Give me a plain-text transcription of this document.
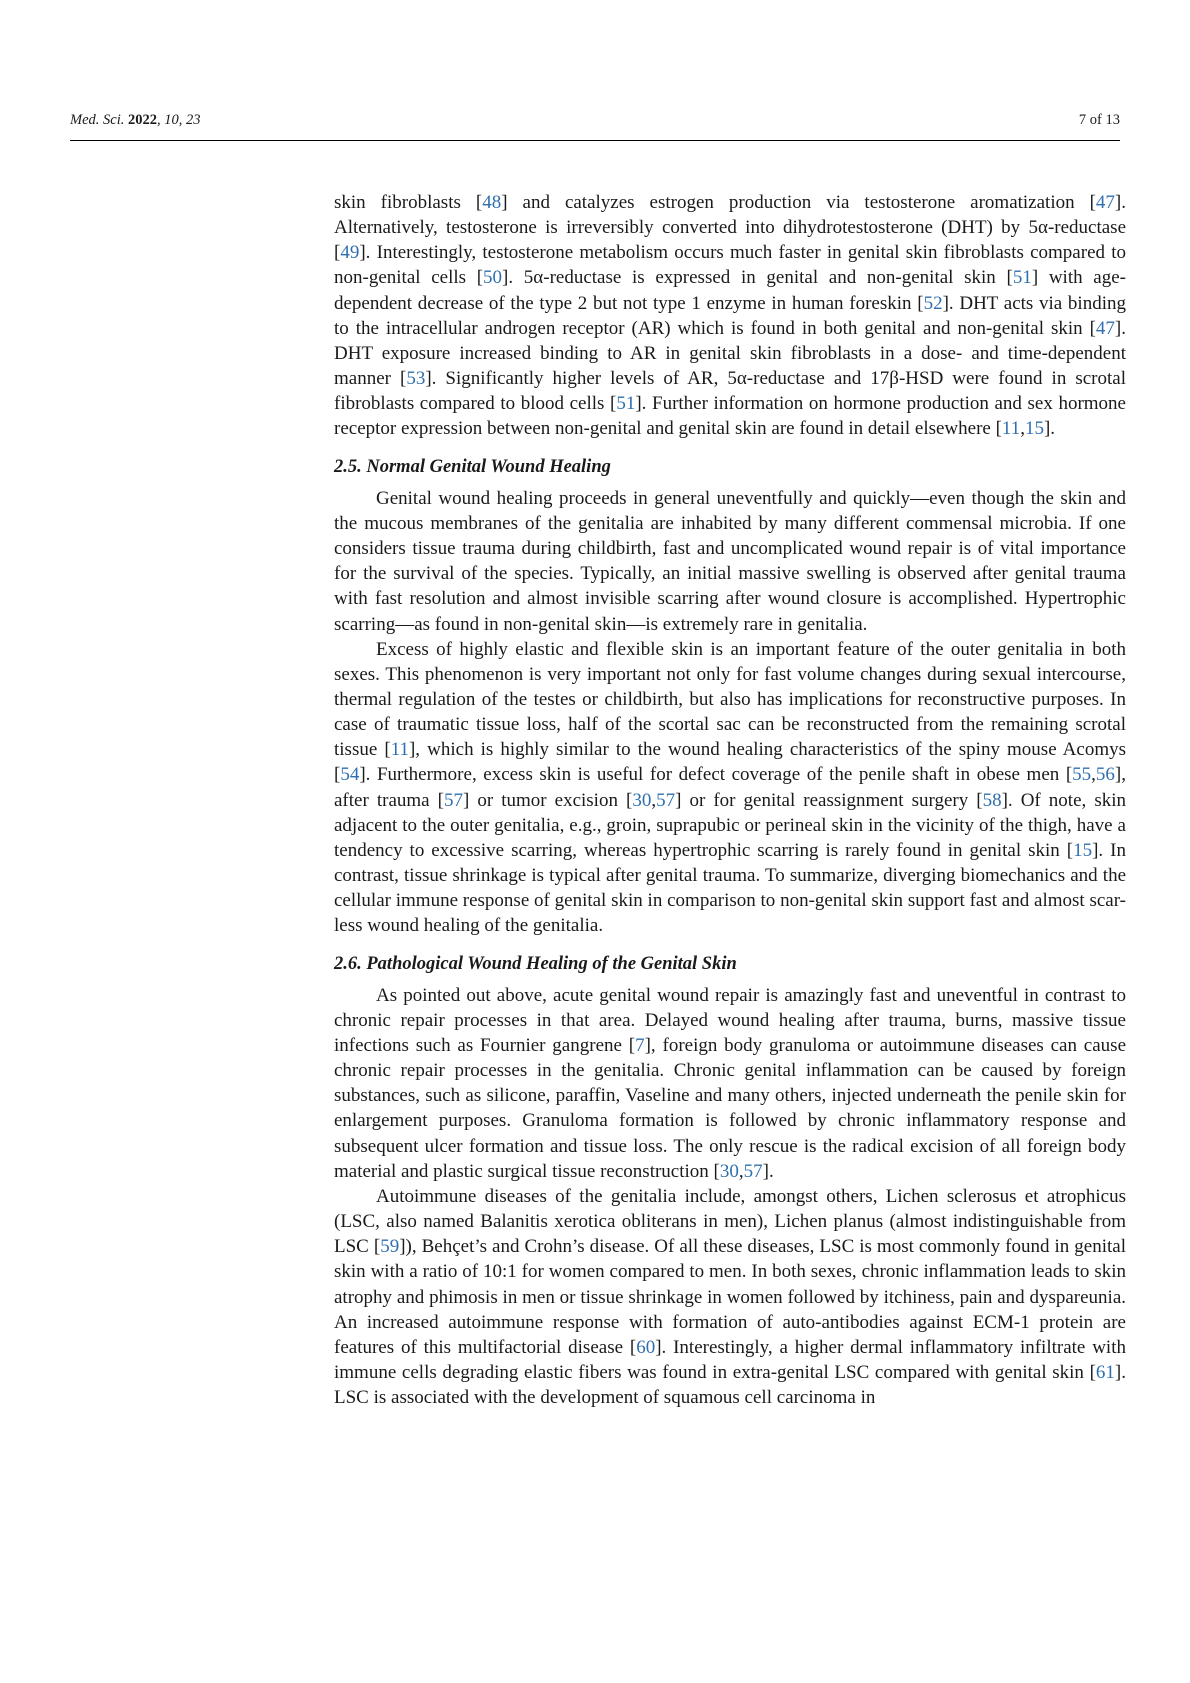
Med. Sci. 2022, 10, 23	7 of 13

skin fibroblasts [48] and catalyzes estrogen production via testosterone aromatization [47]. Alternatively, testosterone is irreversibly converted into dihydrotestosterone (DHT) by 5α-reductase [49]. Interestingly, testosterone metabolism occurs much faster in genital skin fibroblasts compared to non-genital cells [50]. 5α-reductase is expressed in genital and non-genital skin [51] with age-dependent decrease of the type 2 but not type 1 enzyme in human foreskin [52]. DHT acts via binding to the intracellular androgen receptor (AR) which is found in both genital and non-genital skin [47]. DHT exposure increased binding to AR in genital skin fibroblasts in a dose- and time-dependent manner [53]. Significantly higher levels of AR, 5α-reductase and 17β-HSD were found in scrotal fibroblasts compared to blood cells [51]. Further information on hormone production and sex hormone receptor expression between non-genital and genital skin are found in detail elsewhere [11,15].

2.5. Normal Genital Wound Healing

Genital wound healing proceeds in general uneventfully and quickly—even though the skin and the mucous membranes of the genitalia are inhabited by many different commensal microbia. If one considers tissue trauma during childbirth, fast and uncomplicated wound repair is of vital importance for the survival of the species. Typically, an initial massive swelling is observed after genital trauma with fast resolution and almost invisible scarring after wound closure is accomplished. Hypertrophic scarring—as found in non-genital skin—is extremely rare in genitalia.

Excess of highly elastic and flexible skin is an important feature of the outer genitalia in both sexes. This phenomenon is very important not only for fast volume changes during sexual intercourse, thermal regulation of the testes or childbirth, but also has implications for reconstructive purposes. In case of traumatic tissue loss, half of the scortal sac can be reconstructed from the remaining scrotal tissue [11], which is highly similar to the wound healing characteristics of the spiny mouse Acomys [54]. Furthermore, excess skin is useful for defect coverage of the penile shaft in obese men [55,56], after trauma [57] or tumor excision [30,57] or for genital reassignment surgery [58]. Of note, skin adjacent to the outer genitalia, e.g., groin, suprapubic or perineal skin in the vicinity of the thigh, have a tendency to excessive scarring, whereas hypertrophic scarring is rarely found in genital skin [15]. In contrast, tissue shrinkage is typical after genital trauma. To summarize, diverging biomechanics and the cellular immune response of genital skin in comparison to non-genital skin support fast and almost scar-less wound healing of the genitalia.

2.6. Pathological Wound Healing of the Genital Skin

As pointed out above, acute genital wound repair is amazingly fast and uneventful in contrast to chronic repair processes in that area. Delayed wound healing after trauma, burns, massive tissue infections such as Fournier gangrene [7], foreign body granuloma or autoimmune diseases can cause chronic repair processes in the genitalia. Chronic genital inflammation can be caused by foreign substances, such as silicone, paraffin, Vaseline and many others, injected underneath the penile skin for enlargement purposes. Granuloma formation is followed by chronic inflammatory response and subsequent ulcer formation and tissue loss. The only rescue is the radical excision of all foreign body material and plastic surgical tissue reconstruction [30,57].

Autoimmune diseases of the genitalia include, amongst others, Lichen sclerosus et atrophicus (LSC, also named Balanitis xerotica obliterans in men), Lichen planus (almost indistinguishable from LSC [59]), Behçet’s and Crohn’s disease. Of all these diseases, LSC is most commonly found in genital skin with a ratio of 10:1 for women compared to men. In both sexes, chronic inflammation leads to skin atrophy and phimosis in men or tissue shrinkage in women followed by itchiness, pain and dyspareunia. An increased autoimmune response with formation of auto-antibodies against ECM-1 protein are features of this multifactorial disease [60]. Interestingly, a higher dermal inflammatory infiltrate with immune cells degrading elastic fibers was found in extra-genital LSC compared with genital skin [61]. LSC is associated with the development of squamous cell carcinoma in
